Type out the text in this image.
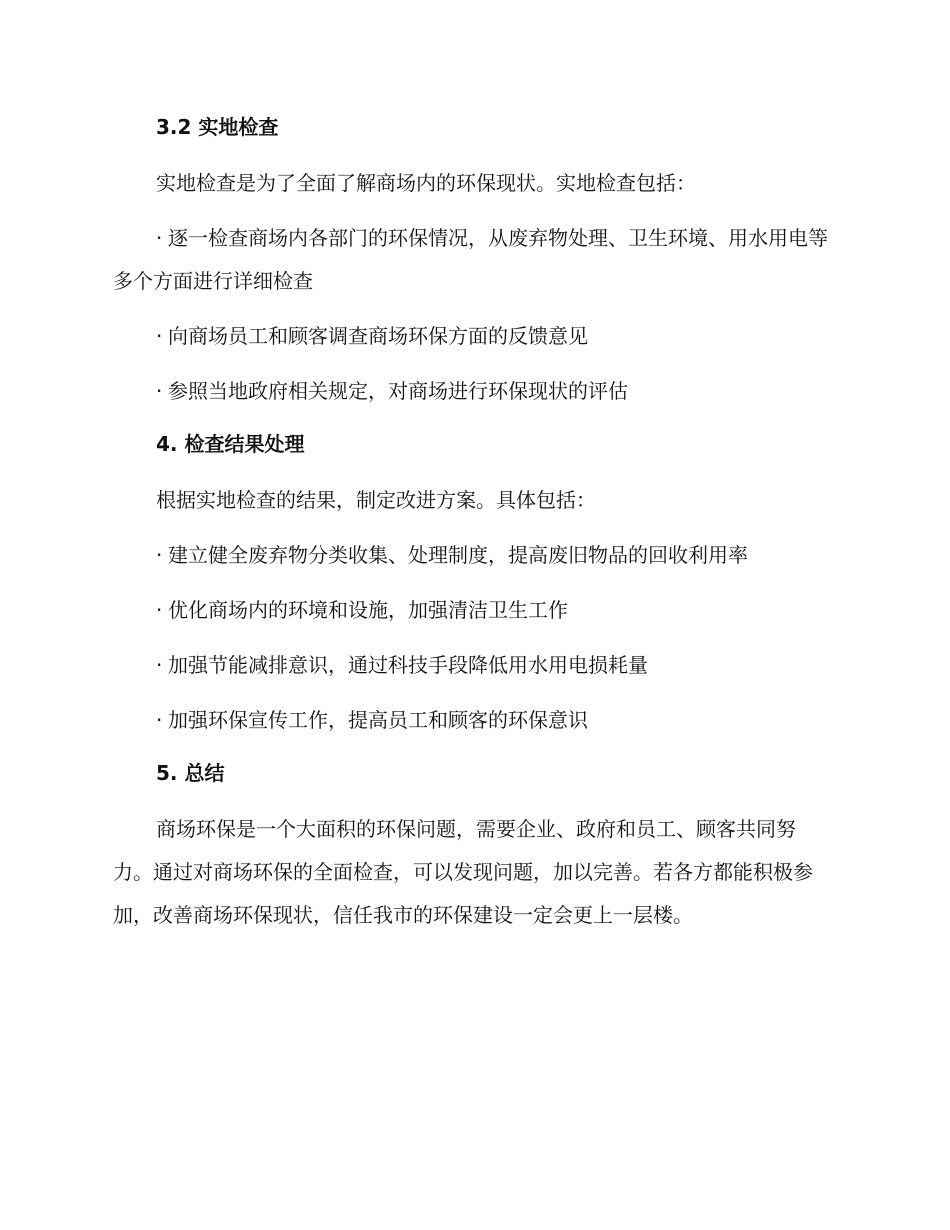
3.2 实地检查

实地检查是为了全面了解商场内的环保现状。实地检查包括：

· 逐一检查商场内各部门的环保情况，从废弃物处理、卫生环境、用水用电等多个方面进行详细检查

· 向商场员工和顾客调查商场环保方面的反馈意见

· 参照当地政府相关规定，对商场进行环保现状的评估

4. 检查结果处理

根据实地检查的结果，制定改进方案。具体包括：

· 建立健全废弃物分类收集、处理制度，提高废旧物品的回收利用率

· 优化商场内的环境和设施，加强清洁卫生工作

· 加强节能减排意识，通过科技手段降低用水用电损耗量

· 加强环保宣传工作，提高员工和顾客的环保意识

5. 总结

商场环保是一个大面积的环保问题，需要企业、政府和员工、顾客共同努力。通过对商场环保的全面检查，可以发现问题，加以完善。若各方都能积极参加，改善商场环保现状，信任我市的环保建设一定会更上一层楼。
